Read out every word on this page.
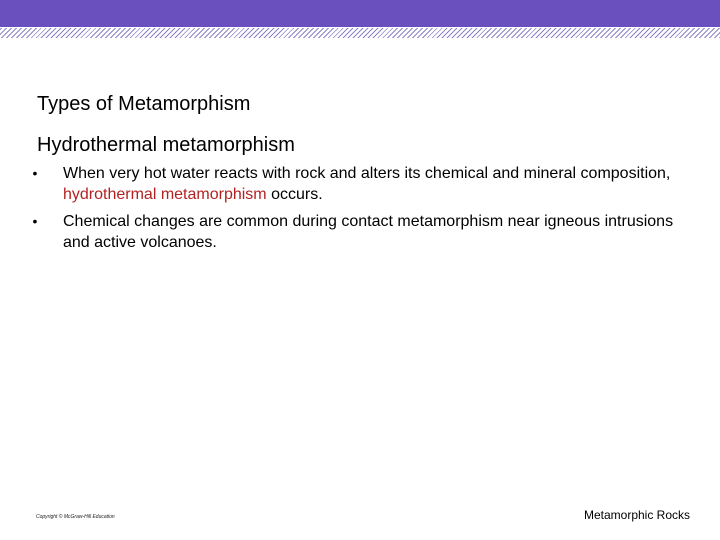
Types of Metamorphism
Hydrothermal metamorphism
• When very hot water reacts with rock and alters its chemical and mineral composition, hydrothermal metamorphism occurs.
• Chemical changes are common during contact metamorphism near igneous intrusions and active volcanoes.
Copyright © McGraw-Hill Education	Metamorphic Rocks
